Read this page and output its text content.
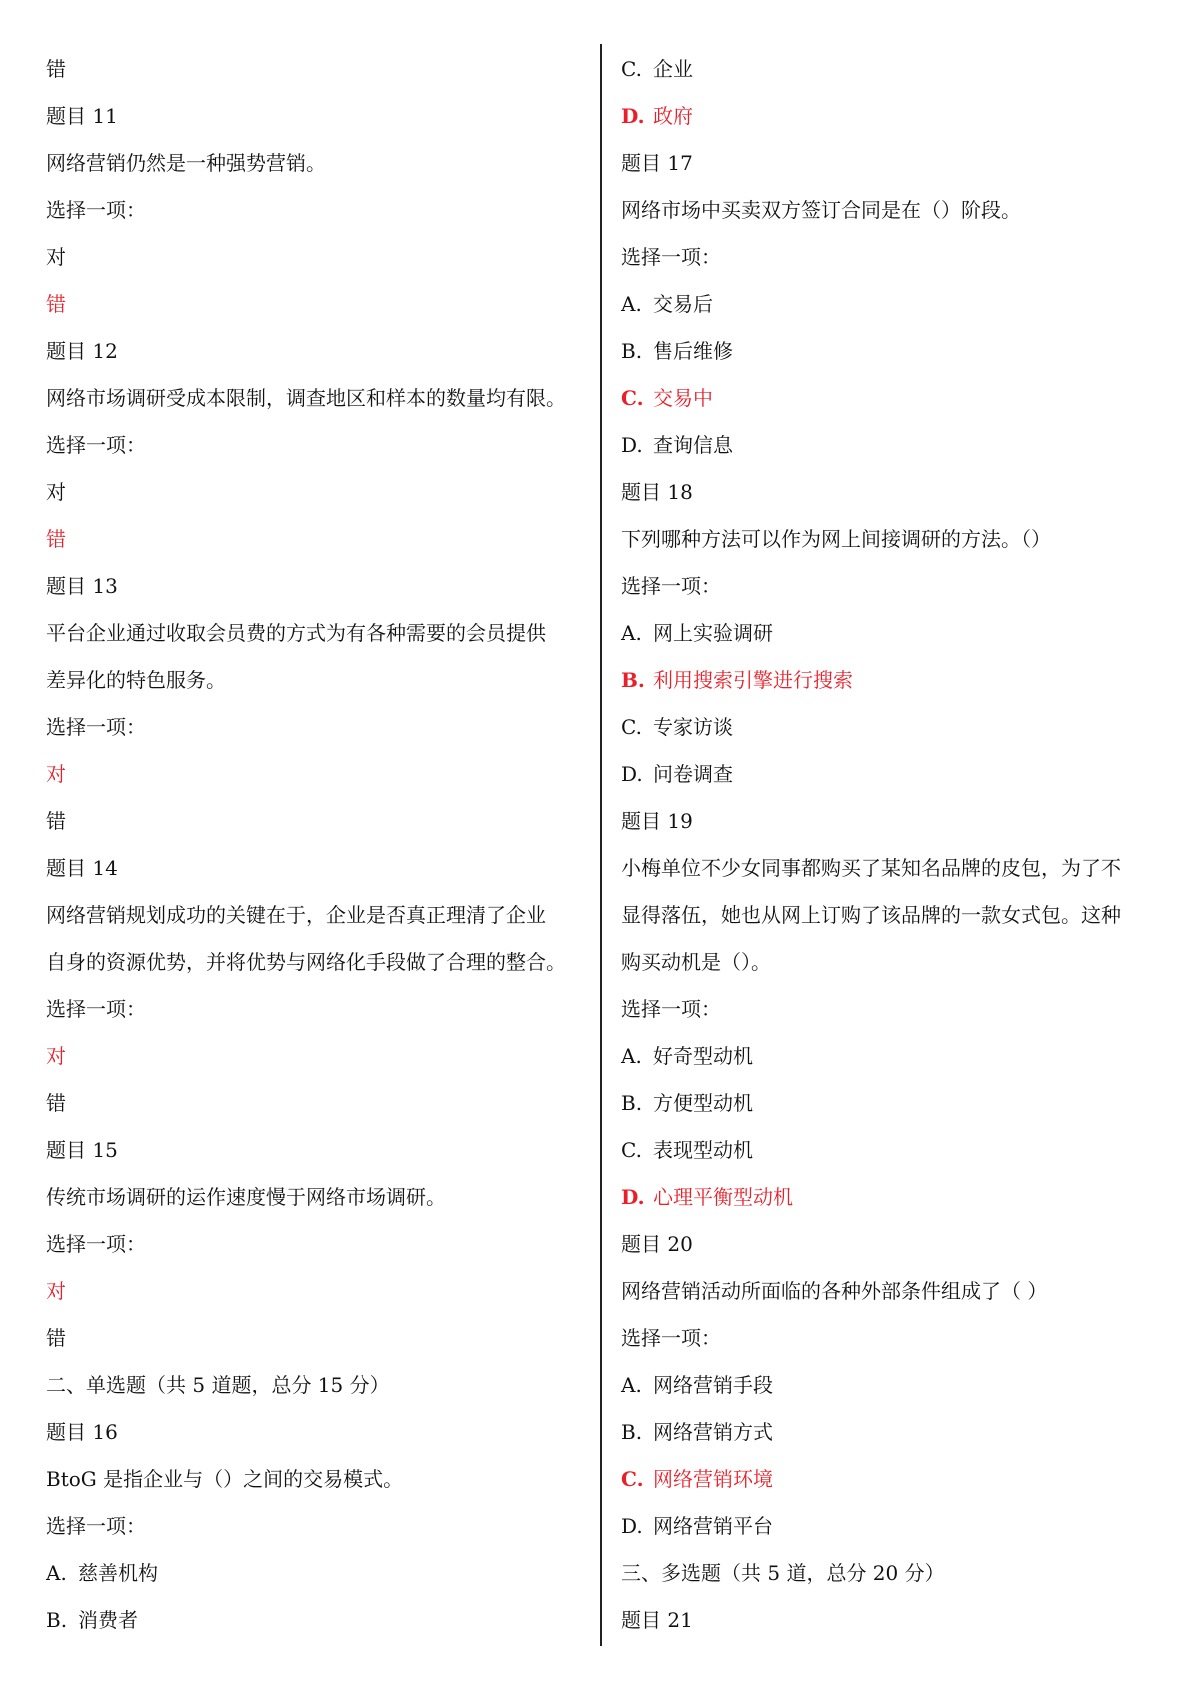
错
题目 11
网络营销仍然是一种强势营销。
选择一项：
对
错
题目 12
网络市场调研受成本限制，调查地区和样本的数量均有限。
选择一项：
对
错
题目 13
平台企业通过收取会员费的方式为有各种需要的会员提供
差异化的特色服务。
选择一项：
对
错
题目 14
网络营销规划成功的关键在于，企业是否真正理清了企业
自身的资源优势，并将优势与网络化手段做了合理的整合。
选择一项：
对
错
题目 15
传统市场调研的运作速度慢于网络市场调研。
选择一项：
对
错
二、单选题（共 5 道题，总分 15 分）
题目 16
BtoG 是指企业与（）之间的交易模式。
选择一项：
A. 慈善机构
B. 消费者
C. 企业
D. 政府
题目 17
网络市场中买卖双方签订合同是在（）阶段。
选择一项：
A. 交易后
B. 售后维修
C. 交易中
D. 查询信息
题目 18
下列哪种方法可以作为网上间接调研的方法。（）
选择一项：
A. 网上实验调研
B. 利用搜索引擎进行搜索
C. 专家访谈
D. 问卷调查
题目 19
小梅单位不少女同事都购买了某知名品牌的皮包，为了不
显得落伍，她也从网上订购了该品牌的一款女式包。这种
购买动机是（）。
选择一项：
A. 好奇型动机
B. 方便型动机
C. 表现型动机
D. 心理平衡型动机
题目 20
网络营销活动所面临的各种外部条件组成了（ ）
选择一项：
A. 网络营销手段
B. 网络营销方式
C. 网络营销环境
D. 网络营销平台
三、多选题（共 5 道，总分 20 分）
题目 21
